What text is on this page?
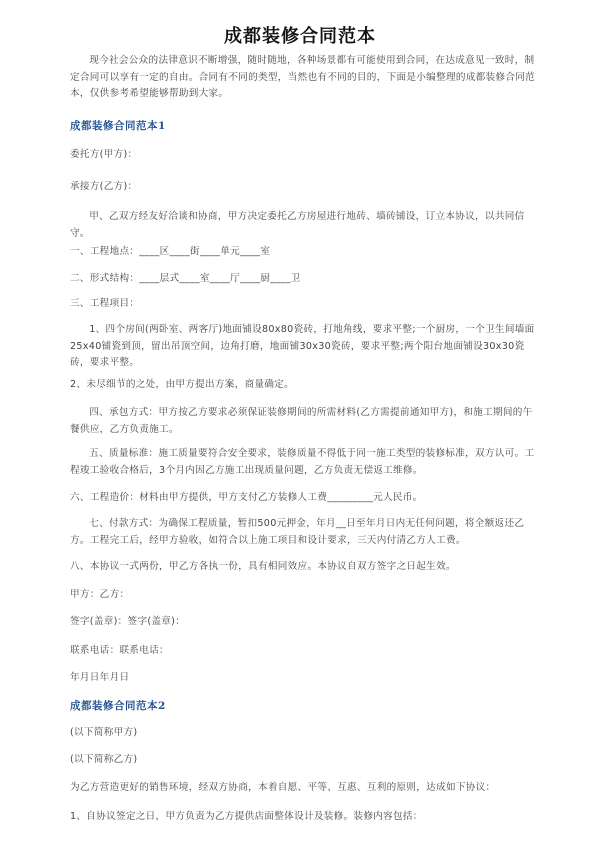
成都装修合同范本
现今社会公众的法律意识不断增强，随时随地，各种场景都有可能使用到合同，在达成意见一致时，制定合同可以享有一定的自由。合同有不同的类型，当然也有不同的目的，下面是小编整理的成都装修合同范本，仅供参考希望能够帮助到大家。
成都装修合同范本1
委托方(甲方)：
承接方(乙方)：
甲、乙双方经友好洽谈和协商，甲方决定委托乙方房屋进行地砖、墙砖铺设，订立本协议，以共同信守。
一、工程地点：____区____街____单元____室
二、形式结构：____层式____室____厅____厨____卫
三、工程项目：
1、四个房间(两卧室、两客厅)地面铺设80x80瓷砖，打地角线，要求平整;一个厨房，一个卫生间墙面25x40铺瓷到顶，留出吊顶空间，边角打磨，地面铺30x30瓷砖，要求平整;两个阳台地面铺设30x30瓷砖，要求平整。
2、未尽细节的之处，由甲方提出方案，商量确定。
四、承包方式：甲方按乙方要求必须保证装修期间的所需材料(乙方需提前通知甲方)，和施工期间的午餐供应，乙方负责施工。
五、质量标准：施工质量要符合安全要求，装修质量不得低于同一施工类型的装修标准，双方认可。工程竣工验收合格后，3个月内因乙方施工出现质量问题，乙方负责无偿返工维修。
六、工程造价：材料由甲方提供，甲方支付乙方装修人工费_________元人民币。
七、付款方式：为确保工程质量，暂扣500元押金，年月__日至年月日内无任何问题，将全额返还乙方。工程完工后，经甲方验收，如符合以上施工项目和设计要求，三天内付清乙方人工费。
八、本协议一式两份，甲乙方各执一份，具有相同效应。本协议自双方签字之日起生效。
甲方：乙方：
签字(盖章)：签字(盖章)：
联系电话：联系电话：
年月日年月日
成都装修合同范本2
(以下简称甲方)
(以下简称乙方)
为乙方营造更好的销售环境，经双方协商，本着自愿、平等、互惠、互利的原则，达成如下协议：
1、自协议签定之日，甲方负责为乙方提供店面整体设计及装修。装修内容包括：
